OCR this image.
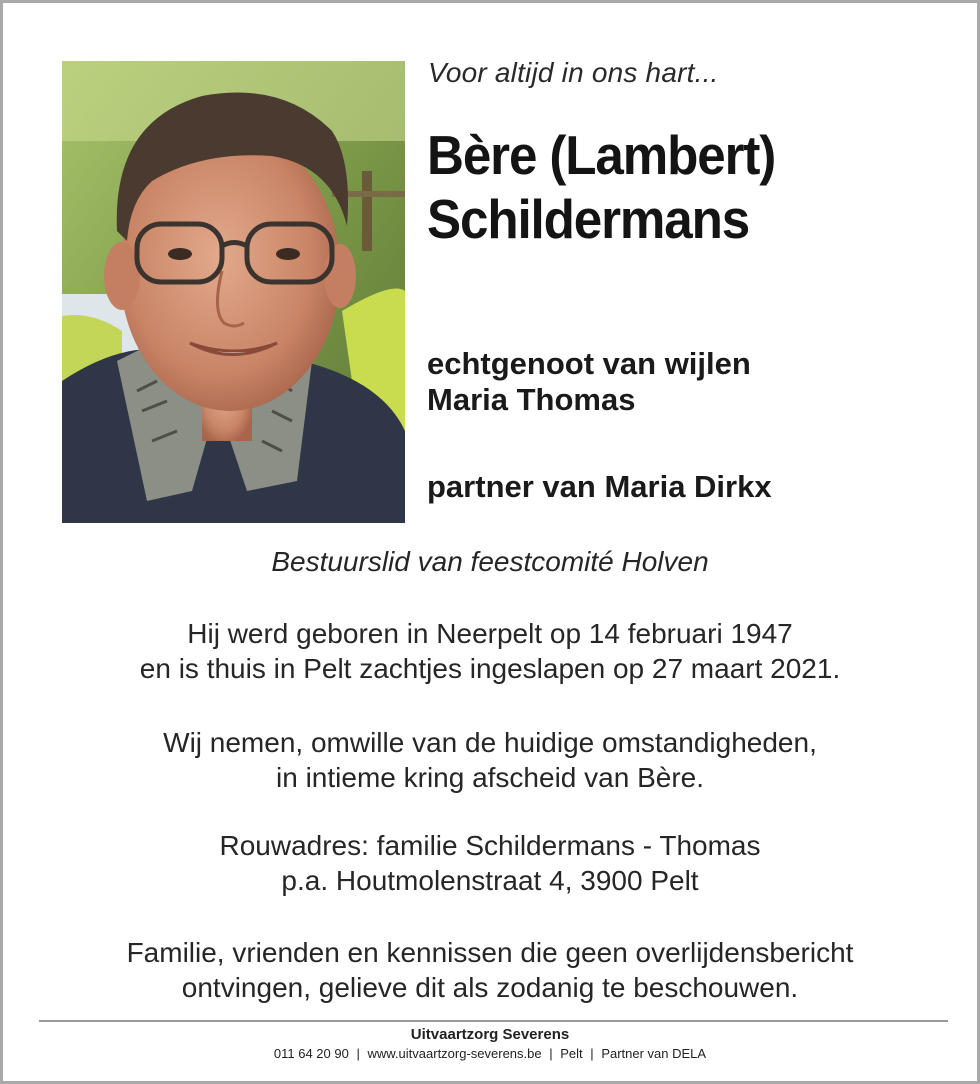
Voor altijd in ons hart...
Bère (Lambert)
Schildermans
echtgenoot van wijlen
Maria Thomas
partner van Maria Dirkx
Bestuurslid van feestcomité Holven
Hij werd geboren in Neerpelt op 14 februari 1947
en is thuis in Pelt zachtjes ingeslapen op 27 maart 2021.
Wij nemen, omwille van de huidige omstandigheden,
in intieme kring afscheid van Bère.
Rouwadres: familie Schildermans - Thomas
p.a. Houtmolenstraat 4, 3900 Pelt
Familie, vrienden en kennissen die geen overlijdensbericht
ontvingen, gelieve dit als zodanig te beschouwen.
Uitvaartzorg Severens
011 64 20 90 | www.uitvaartzorg-severens.be | Pelt | Partner van DELA
